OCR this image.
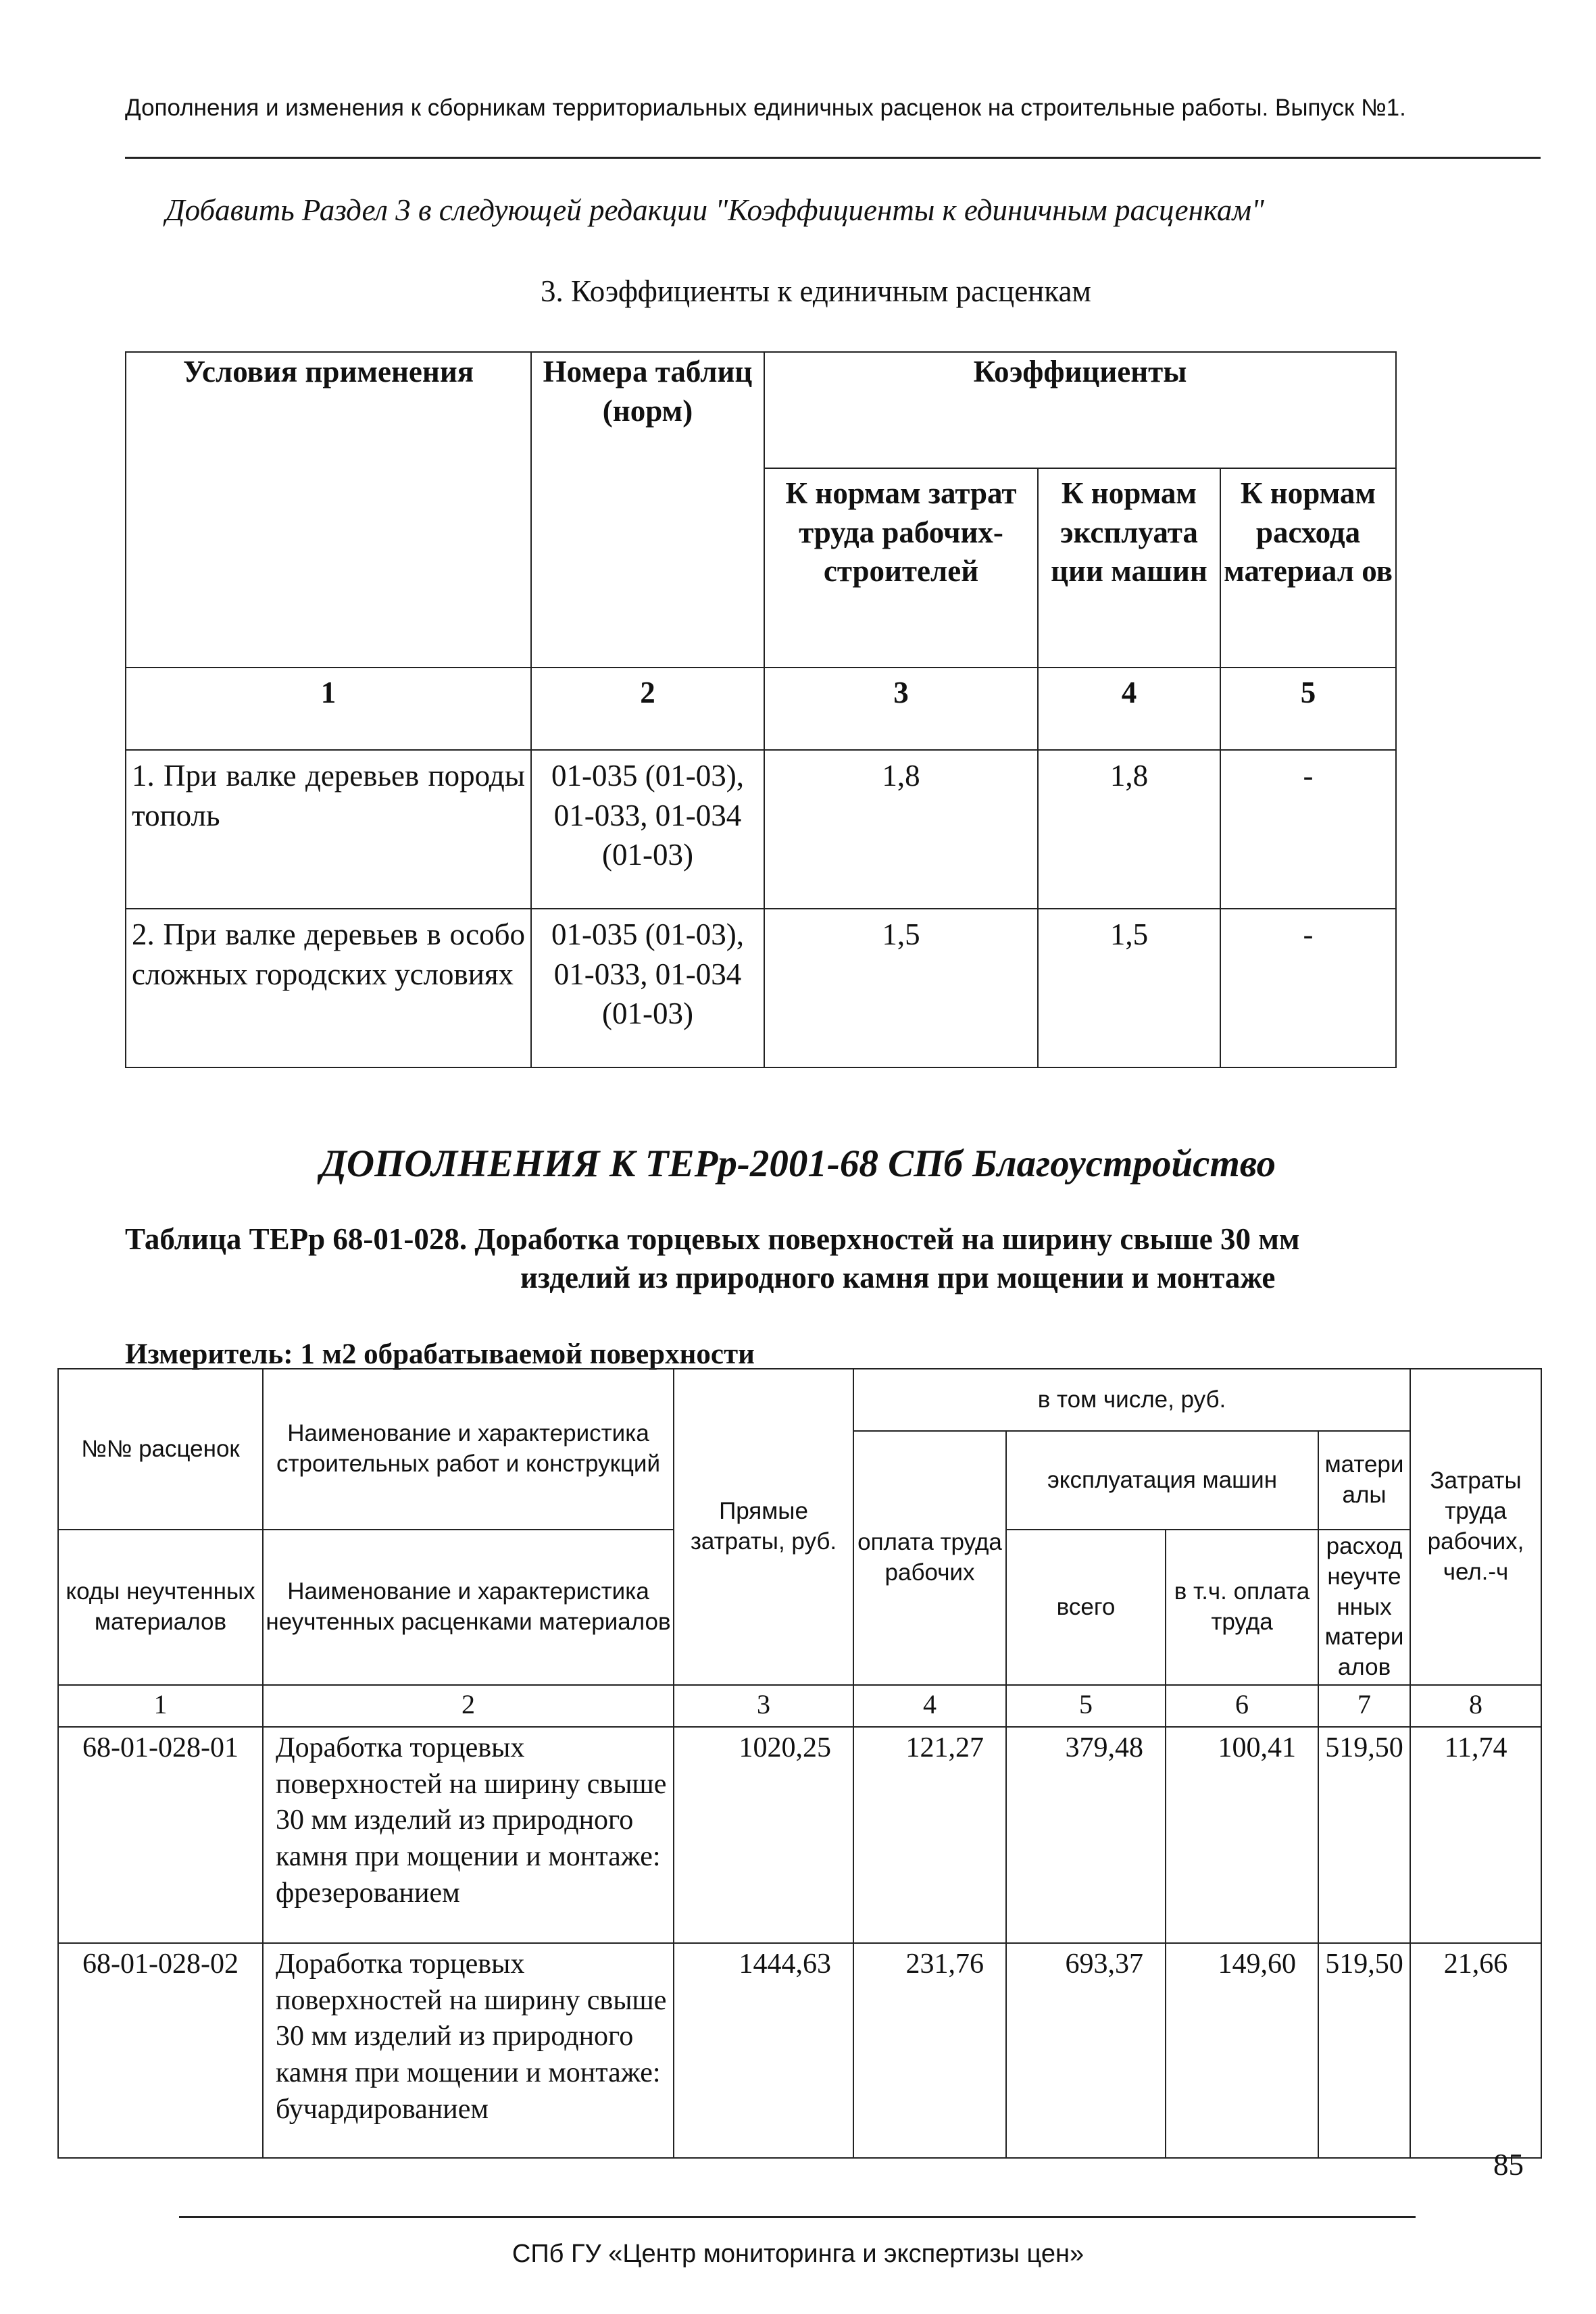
Дополнения и изменения к сборникам территориальных единичных расценок на строительные работы. Выпуск №1.
Добавить Раздел 3 в следующей редакции "Коэффициенты к единичным расценкам"
3. Коэффициенты к единичным расценкам
Условия применения	Номера таблиц (норм)	Коэффициенты		
		К нормам затрат труда рабочих-строителей	К нормам эксплуата ции машин	К нормам расхода материал ов
1	2	3	4	5
1. При валке деревьев породы тополь	01-035 (01-03), 01-033, 01-034 (01-03)	1,8	1,8	-
2. При валке деревьев в особо сложных городских условиях	01-035 (01-03), 01-033, 01-034 (01-03)	1,5	1,5	-
ДОПОЛНЕНИЯ К ТЕРр-2001-68 СПб Благоустройство
Таблица ТЕРр 68-01-028. Доработка торцевых поверхностей на ширину свыше 30 мм
изделий из природного камня при мощении и монтаже
Измеритель: 1 м2 обрабатываемой поверхности
№№ расценок	Наименование и характеристика строительных работ и конструкций	Прямые затраты, руб.	в том числе, руб.				Затраты труда рабочих, чел.-ч
			оплата труда рабочих	эксплуатация машин		матери алы	

коды неучтенных материалов	Наименование и характеристика неучтенных расценками материалов			всего	в т.ч. оплата труда	расход неучте нных матери алов	

1	2	3	4	5	6	7	8
68-01-028-01	Доработка торцевых поверхностей на ширину свыше 30 мм изделий из природного камня при мощении и монтаже: фрезерованием	1020,25	121,27	379,48	100,41	519,50	11,74
68-01-028-02	Доработка торцевых поверхностей на ширину свыше 30 мм изделий из природного камня при мощении и монтаже: бучардированием	1444,63	231,76	693,37	149,60	519,50	21,66
85
СПб ГУ «Центр мониторинга и экспертизы цен»
